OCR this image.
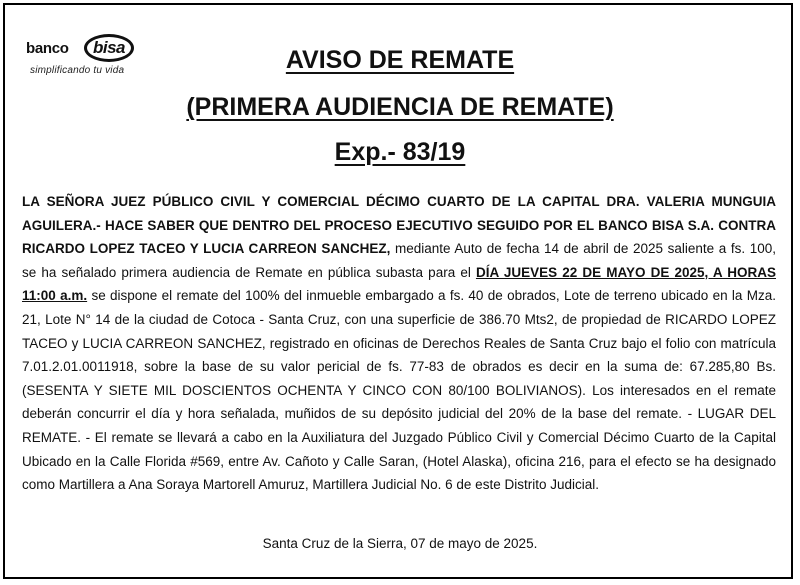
banco	bisa
simplificando tu vida	AVISO DE REMATE
(PRIMERA AUDIENCIA DE REMATE)
Exp.- 83/19

LA SEÑORA JUEZ PÚBLICO CIVIL Y COMERCIAL DÉCIMO CUARTO DE LA CAPITAL DRA. VALERIA MUNGUIA AGUILERA.- HACE SABER QUE DENTRO DEL PROCESO EJECUTIVO SEGUIDO POR EL BANCO BISA S.A. CONTRA RICARDO LOPEZ TACEO Y LUCIA CARREON SANCHEZ, mediante Auto de fecha 14 de abril de 2025 saliente a fs. 100, se ha señalado primera audiencia de Remate en pública subasta para el DÍA JUEVES 22 DE MAYO DE 2025, A HORAS 11:00 a.m. se dispone el remate del 100% del inmueble embargado a fs. 40 de obrados, Lote de terreno ubicado en la Mza. 21, Lote N° 14 de la ciudad de Cotoca - Santa Cruz, con una superficie de 386.70 Mts2, de propiedad de RICARDO LOPEZ TACEO y LUCIA CARREON SANCHEZ, registrado en oficinas de Derechos Reales de Santa Cruz bajo el folio con matrícula 7.01.2.01.0011918, sobre la base de su valor pericial de fs. 77-83 de obrados es decir en la suma de: 67.285,80 Bs. (SESENTA Y SIETE MIL DOSCIENTOS OCHENTA Y CINCO CON 80/100 BOLIVIANOS). Los interesados en el remate deberán concurrir el día y hora señalada, muñidos de su depósito judicial del 20% de la base del remate. - LUGAR DEL REMATE. - El remate se llevará a cabo en la Auxiliatura del Juzgado Público Civil y Comercial Décimo Cuarto de la Capital Ubicado en la Calle Florida #569, entre Av. Cañoto y Calle Saran, (Hotel Alaska), oficina 216, para el efecto se ha designado como Martillera a Ana Soraya Martorell Amuruz, Martillera Judicial No. 6 de este Distrito Judicial.

Santa Cruz de la Sierra, 07 de mayo de 2025.
